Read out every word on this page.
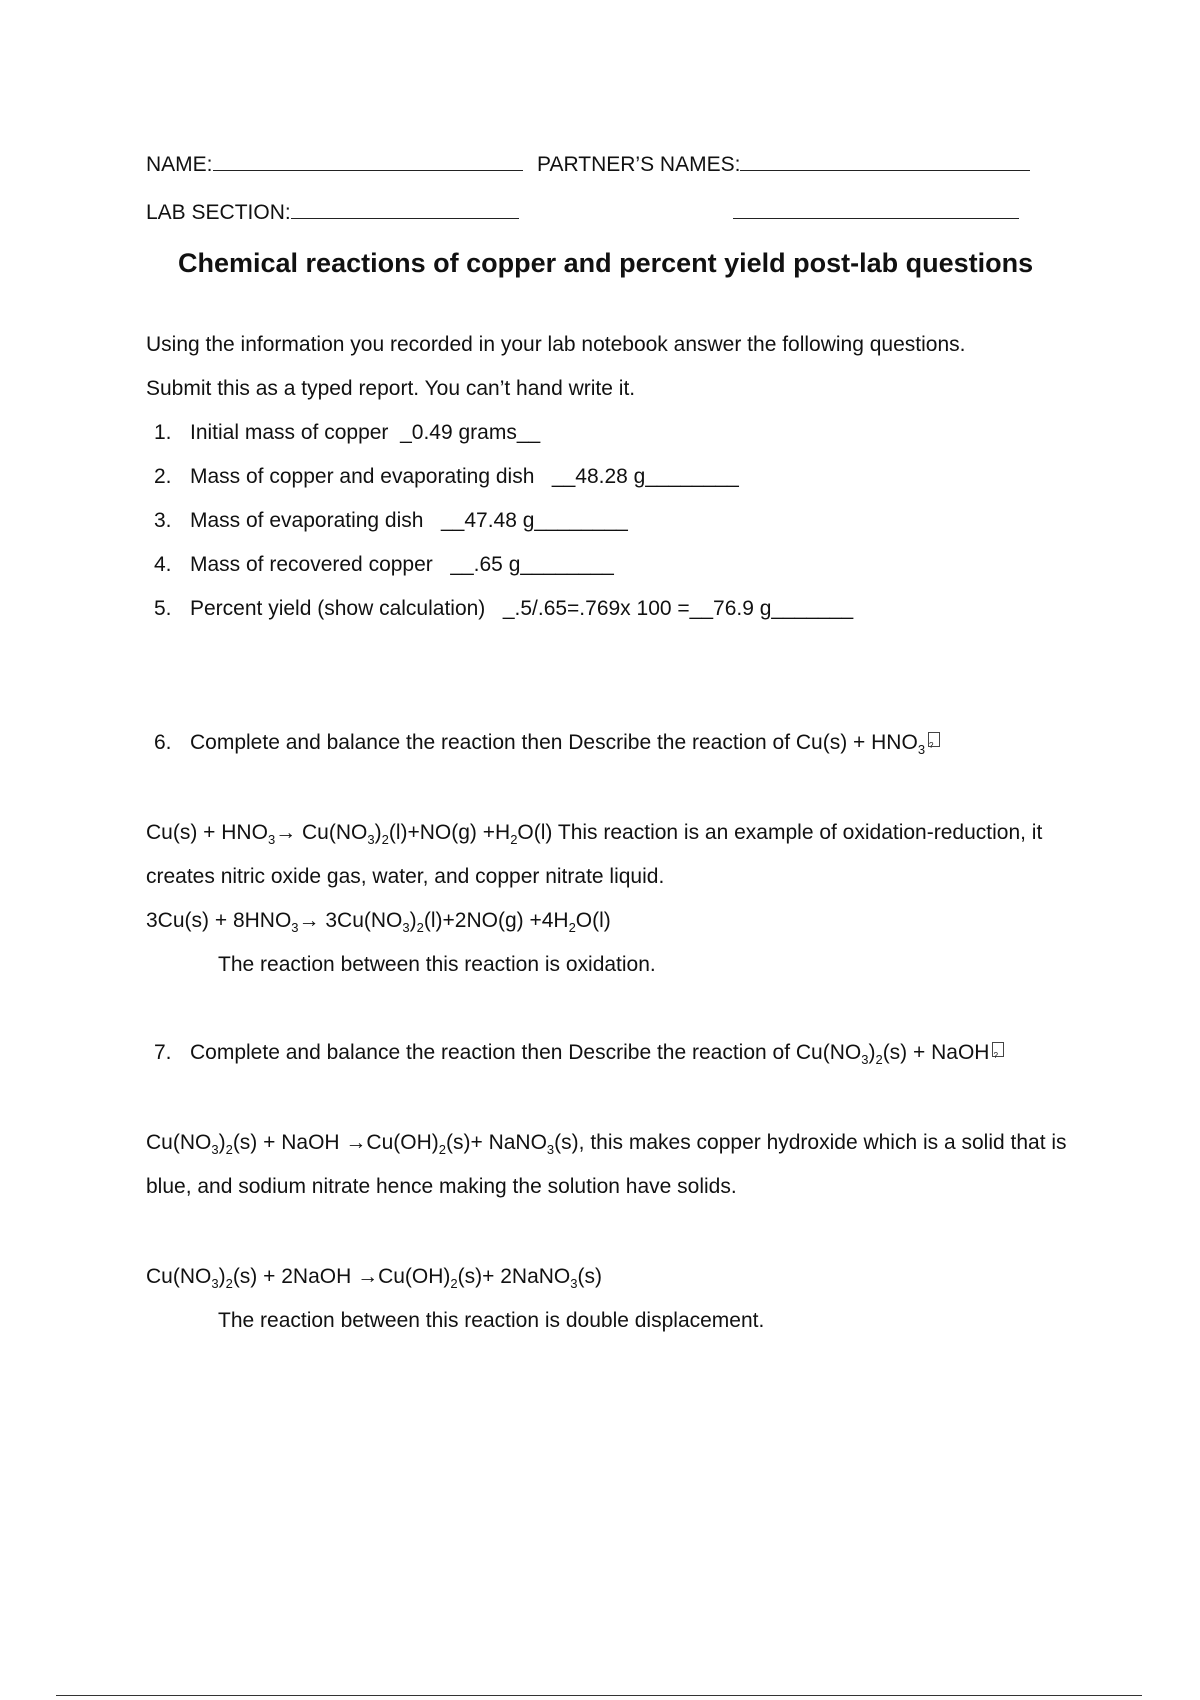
NAME:	PARTNER’S NAMES:
LAB SECTION:
Chemical reactions of copper and percent yield post-lab questions
Using the information you recorded in your lab notebook answer the following questions.
Submit this as a typed report. You can’t hand write it.
1. Initial mass of copper _0.49 grams__
2. Mass of copper and evaporating dish __48.28 g________
3. Mass of evaporating dish __47.48 g________
4. Mass of recovered copper __.65 g________
5. Percent yield (show calculation) _.5/.65=.769x 100 =__76.9 g_______
6. Complete and balance the reaction then Describe the reaction of $Cu(s) + HNO_3$ ?
$Cu(s) + HNO_3\to Cu(NO_3)_2(l)+NO(g) +H_2O(l)$ This reaction is an example of oxidation-reduction, it
creates nitric oxide gas, water, and copper nitrate liquid.
$3Cu(s) + 8HNO_3\to 3Cu(NO_3)_2(l)+2NO(g) +4H_2O(l)$
The reaction between this reaction is oxidation.
7. Complete and balance the reaction then Describe the reaction of $Cu(NO_3)_2(s)$ + NaOH ?
$Cu(NO_3)_2(s)$ + NaOH $\to Cu(OH)_2(s)+$ NaNO$_3$(s), this makes copper hydroxide which is a solid that is
blue, and sodium nitrate hence making the solution have solids.
$Cu(NO_3)_2(s)$ + 2NaOH $\to Cu(OH)_2(s)+$ 2NaNO$_3$(s)
The reaction between this reaction is double displacement.
